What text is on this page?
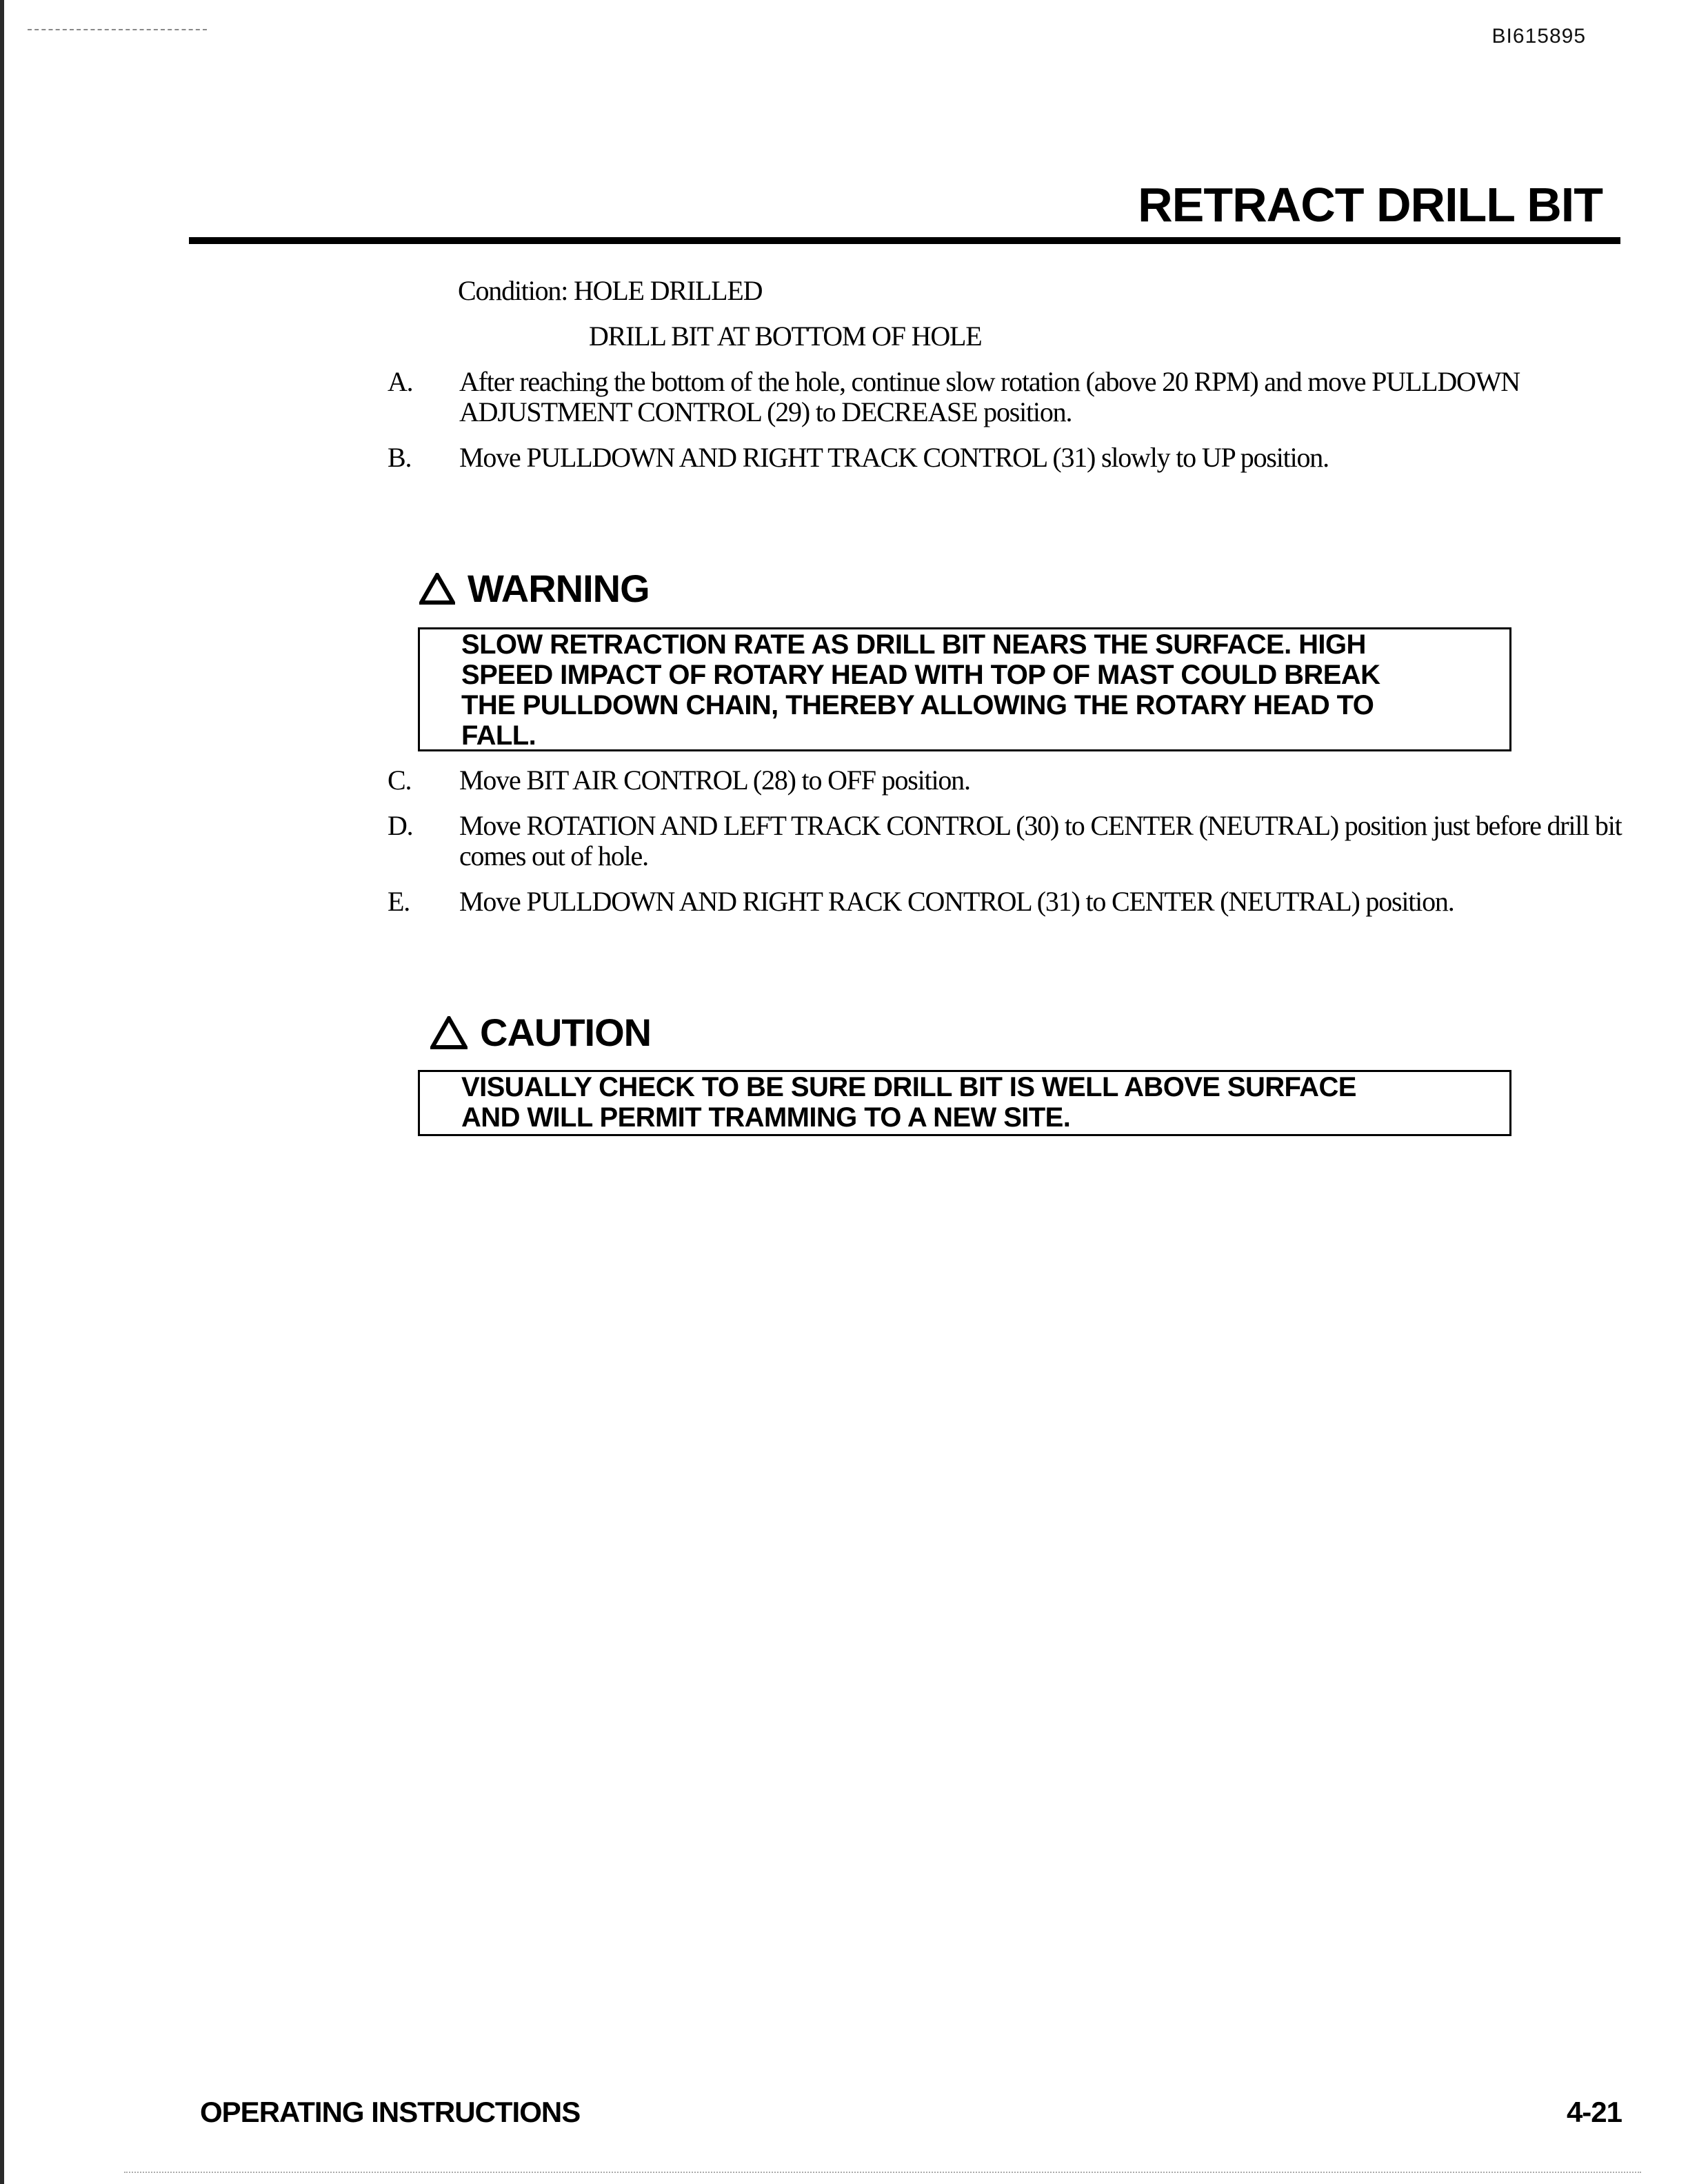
BI615895
RETRACT DRILL BIT
Condition: HOLE DRILLED
DRILL BIT AT BOTTOM OF HOLE
A. After reaching the bottom of the hole, continue slow rotation (above 20 RPM) and move PULLDOWN ADJUSTMENT CONTROL (29) to DECREASE position.
B. Move PULLDOWN AND RIGHT TRACK CONTROL (31) slowly to UP position.
WARNING
SLOW RETRACTION RATE AS DRILL BIT NEARS THE SURFACE. HIGH SPEED IMPACT OF ROTARY HEAD WITH TOP OF MAST COULD BREAK THE PULLDOWN CHAIN, THEREBY ALLOWING THE ROTARY HEAD TO FALL.
C. Move BIT AIR CONTROL (28) to OFF position.
D. Move ROTATION AND LEFT TRACK CONTROL (30) to CENTER (NEUTRAL) position just before drill bit comes out of hole.
E. Move PULLDOWN AND RIGHT RACK CONTROL (31) to CENTER (NEUTRAL) position.
CAUTION
VISUALLY CHECK TO BE SURE DRILL BIT IS WELL ABOVE SURFACE AND WILL PERMIT TRAMMING TO A NEW SITE.
OPERATING INSTRUCTIONS	4-21
